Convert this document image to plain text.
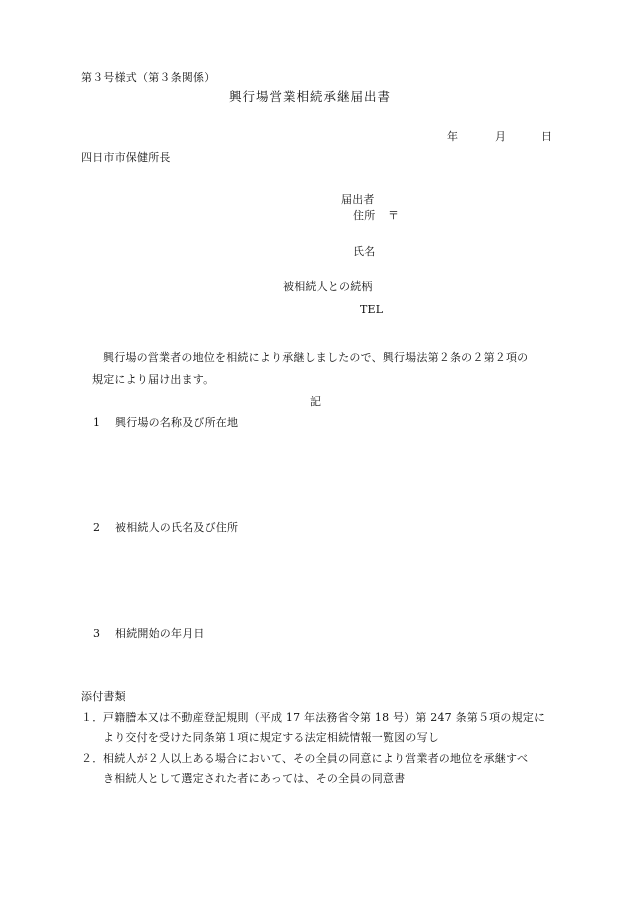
第３号様式（第３条関係）
興行場営業相続承継届出書
年	月	日
四日市市保健所長
届出者
住所 〒
氏名
被相続人との続柄
TEL
興行場の営業者の地位を相続により承継しましたので、興行場法第２条の２第２項の
規定により届け出ます。
記
1 興行場の名称及び所在地
2 被相続人の氏名及び住所
3 相続開始の年月日
添付書類
１． 戸籍謄本又は不動産登記規則（平成 17 年法務省令第 18 号）第 247 条第５項の規定に
より交付を受けた同条第１項に規定する法定相続情報一覧図の写し
２． 相続人が２人以上ある場合において、その全員の同意により営業者の地位を承継すべ
き相続人として選定された者にあっては、その全員の同意書
